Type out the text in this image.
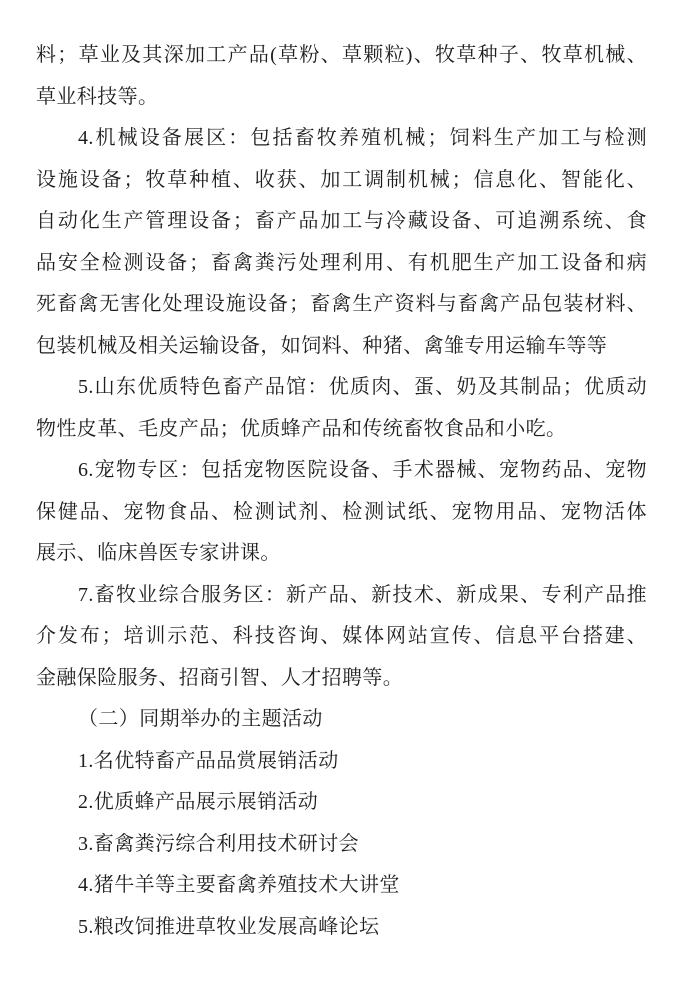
料；草业及其深加工产品(草粉、草颗粒)、牧草种子、牧草机械、
草业科技等。
4.机械设备展区：包括畜牧养殖机械；饲料生产加工与检测
设施设备；牧草种植、收获、加工调制机械；信息化、智能化、
自动化生产管理设备；畜产品加工与冷藏设备、可追溯系统、食
品安全检测设备；畜禽粪污处理利用、有机肥生产加工设备和病
死畜禽无害化处理设施设备；畜禽生产资料与畜禽产品包装材料、
包装机械及相关运输设备，如饲料、种猪、禽雏专用运输车等等
5.山东优质特色畜产品馆：优质肉、蛋、奶及其制品；优质动
物性皮革、毛皮产品；优质蜂产品和传统畜牧食品和小吃。
6.宠物专区：包括宠物医院设备、手术器械、宠物药品、宠物
保健品、宠物食品、检测试剂、检测试纸、宠物用品、宠物活体
展示、临床兽医专家讲课。
7.畜牧业综合服务区：新产品、新技术、新成果、专利产品推
介发布；培训示范、科技咨询、媒体网站宣传、信息平台搭建、
金融保险服务、招商引智、人才招聘等。
（二）同期举办的主题活动
1.名优特畜产品品赏展销活动
2.优质蜂产品展示展销活动
3.畜禽粪污综合利用技术研讨会
4.猪牛羊等主要畜禽养殖技术大讲堂
5.粮改饲推进草牧业发展高峰论坛
